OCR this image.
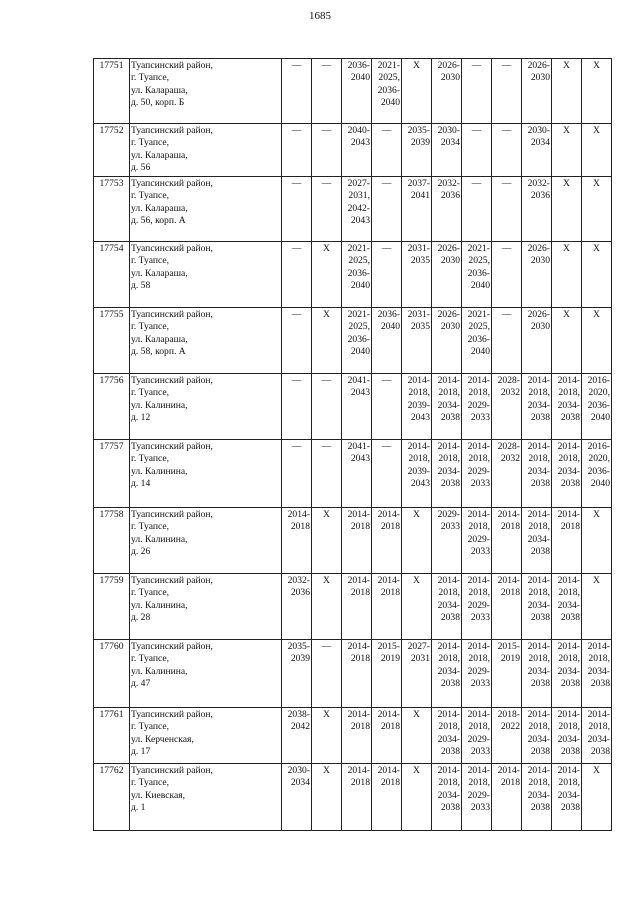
1685
17751	Туапсинский район,
г. Туапсе,
ул. Калараша,
д. 50, корп. Б	—	—	2036-
2040	2021-
2025,
2036-
2040	Х	2026-
2030	—	—	2026-
2030	Х	Х

17752	Туапсинский район,
г. Туапсе,
ул. Калараша,
д. 56	—	—	2040-
2043	—	2035-
2039	2030-
2034	—	—	2030-
2034	Х	Х

17753	Туапсинский район,
г. Туапсе,
ул. Калараша,
д. 56, корп. А	—	—	2027-
2031,
2042-
2043	—	2037-
2041	2032-
2036	—	—	2032-
2036	Х	Х

17754	Туапсинский район,
г. Туапсе,
ул. Калараша,
д. 58	—	Х	2021-
2025,
2036-
2040	—	2031-
2035	2026-
2030	2021-
2025,
2036-
2040	—	2026-
2030	Х	Х

17755	Туапсинский район,
г. Туапсе,
ул. Калараша,
д. 58, корп. А	—	Х	2021-
2025,
2036-
2040	2036-
2040	2031-
2035	2026-
2030	2021-
2025,
2036-
2040	—	2026-
2030	Х	Х

17756	Туапсинский район,
г. Туапсе,
ул. Калинина,
д. 12	—	—	2041-
2043	—	2014-
2018,
2039-
2043	2014-
2018,
2034-
2038	2014-
2018,
2029-
2033	2028-
2032	2014-
2018,
2034-
2038	2014-
2018,
2034-
2038	2016-
2020,
2036-
2040

17757	Туапсинский район,
г. Туапсе,
ул. Калинина,
д. 14	—	—	2041-
2043	—	2014-
2018,
2039-
2043	2014-
2018,
2034-
2038	2014-
2018,
2029-
2033	2028-
2032	2014-
2018,
2034-
2038	2014-
2018,
2034-
2038	2016-
2020,
2036-
2040

17758	Туапсинский район,
г. Туапсе,
ул. Калинина,
д. 26	2014-
2018	Х	2014-
2018	2014-
2018	Х	2029-
2033	2014-
2018,
2029-
2033	2014-
2018	2014-
2018,
2034-
2038	2014-
2018	Х

17759	Туапсинский район,
г. Туапсе,
ул. Калинина,
д. 28	2032-
2036	Х	2014-
2018	2014-
2018	Х	2014-
2018,
2034-
2038	2014-
2018,
2029-
2033	2014-
2018	2014-
2018,
2034-
2038	2014-
2018,
2034-
2038	Х

17760	Туапсинский район,
г. Туапсе,
ул. Калинина,
д. 47	2035-
2039	—	2014-
2018	2015-
2019	2027-
2031	2014-
2018,
2034-
2038	2014-
2018,
2029-
2033	2015-
2019	2014-
2018,
2034-
2038	2014-
2018,
2034-
2038	2014-
2018,
2034-
2038

17761	Туапсинский район,
г. Туапсе,
ул. Керченская,
д. 17	2038-
2042	Х	2014-
2018	2014-
2018	Х	2014-
2018,
2034-
2038	2014-
2018,
2029-
2033	2018-
2022	2014-
2018,
2034-
2038	2014-
2018,
2034-
2038	2014-
2018,
2034-
2038

17762	Туапсинский район,
г. Туапсе,
ул. Киевская,
д. 1	2030-
2034	Х	2014-
2018	2014-
2018	Х	2014-
2018,
2034-
2038	2014-
2018,
2029-
2033	2014-
2018	2014-
2018,
2034-
2038	2014-
2018,
2034-
2038	Х
